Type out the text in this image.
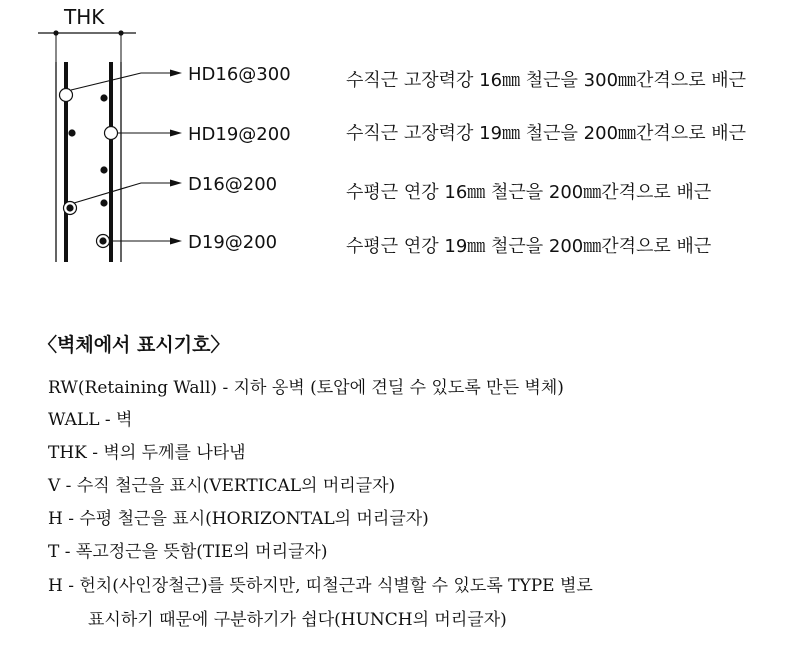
THK
HD16@300	수직근 고장력강 16㎜ 철근을 300㎜간격으로 배근
HD19@200	수직근 고장력강 19㎜ 철근을 200㎜간격으로 배근
D16@200	수평근 연강 16㎜ 철근을 200㎜간격으로 배근
D19@200	수평근 연강 19㎜ 철근을 200㎜간격으로 배근
〈벽체에서 표시기호〉
RW(Retaining Wall) - 지하 옹벽 (토압에 견딜 수 있도록 만든 벽체)
WALL - 벽
THK - 벽의 두께를 나타냄
V - 수직 철근을 표시(VERTICAL의 머리글자)
H - 수평 철근을 표시(HORIZONTAL의 머리글자)
T - 폭고정근을 뜻함(TIE의 머리글자)
H - 헌치(사인장철근)를 뜻하지만, 띠철근과 식별할 수 있도록 TYPE 별로
표시하기 때문에 구분하기가 쉽다(HUNCH의 머리글자)
